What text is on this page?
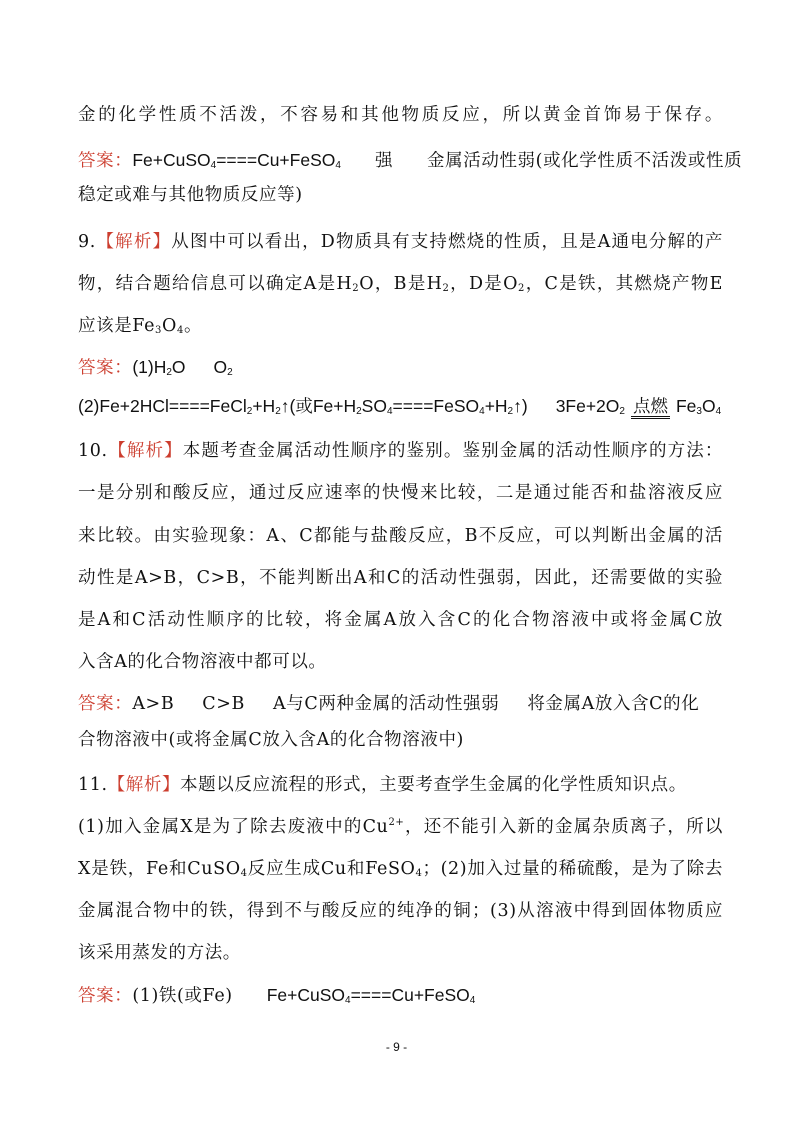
金的化学性质不活泼，不容易和其他物质反应，所以黄金首饰易于保存。
答案：Fe+CuSO$_4$====Cu+FeSO$_4$ 强 金属活动性弱(或化学性质不活泼或性质
稳定或难与其他物质反应等)
9.【解析】从图中可以看出，D物质具有支持燃烧的性质，且是A通电分解的产
物，结合题给信息可以确定A是$H_2O$，B是$H_2$，D是$O_2$，C是铁，其燃烧产物E
应该是$Fe_3O_4$。
答案：$(1)H_2O$ $O_2$
$(2)Fe+2HCl====FeCl_2+H_2↑$(或$Fe+H_2SO_4====FeSO_4+H_2↑$) $3Fe+2O_2$ 点燃 $Fe_3O_4$
10.【解析】本题考查金属活动性顺序的鉴别。鉴别金属的活动性顺序的方法：
一是分别和酸反应，通过反应速率的快慢来比较，二是通过能否和盐溶液反应
来比较。由实验现象：A、C都能与盐酸反应，B不反应，可以判断出金属的活
动性是A>B，C>B，不能判断出A和C的活动性强弱，因此，还需要做的实验
是A和C活动性顺序的比较，将金属A放入含C的化合物溶液中或将金属C放
入含A的化合物溶液中都可以。
答案：A>B C>B A与C两种金属的活动性强弱 将金属A放入含C的化
合物溶液中(或将金属C放入含A的化合物溶液中)
11.【解析】本题以反应流程的形式，主要考查学生金属的化学性质知识点。
(1)加入金属X是为了除去废液中的$Cu^{2+}$，还不能引入新的金属杂质离子，所以
X是铁，Fe和CuSO$_4$反应生成Cu和FeSO$_4$；(2)加入过量的稀硫酸，是为了除去
金属混合物中的铁，得到不与酸反应的纯净的铜；(3)从溶液中得到固体物质应
该采用蒸发的方法。
答案：(1)铁(或Fe) Fe+CuSO$_4$====Cu+FeSO$_4$
- 9 -
